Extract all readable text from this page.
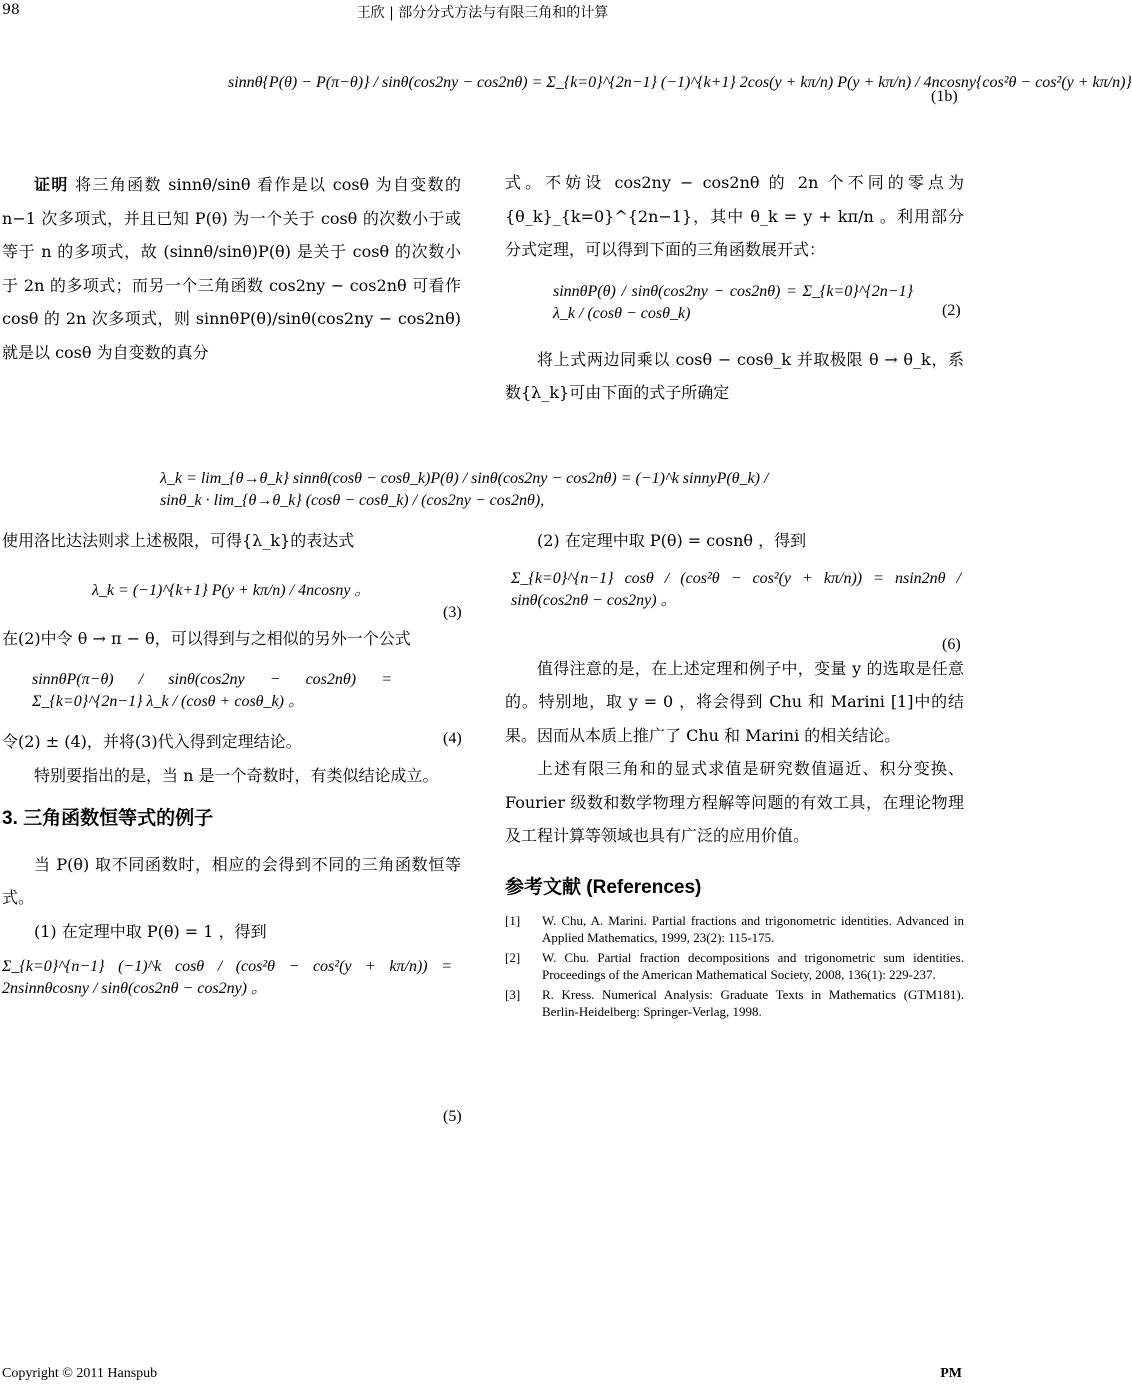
98	王欣 | 部分分式方法与有限三角和的计算
sinnθ{P(θ) − P(π−θ)} / sinθ(cos2ny − cos2nθ) = Σ_{k=0}^{2n−1} (−1)^{k+1} 2cos(y + kπ/n) P(y + kπ/n) / 4ncosny{cos²θ − cos²(y + kπ/n)}
(1b)

证明 将三角函数 sinnθ/sinθ 看作是以 cosθ 为自变数的 n−1 次多项式，并且已知 P(θ) 为一个关于 cosθ 的次数小于或等于 n 的多项式，故 (sinnθ/sinθ)P(θ) 是关于 cosθ 的次数小于 2n 的多项式；而另一个三角函数 cos2ny − cos2nθ 可看作 cosθ 的 2n 次多项式，则 sinnθP(θ)/sinθ(cos2ny − cos2nθ) 就是以 cosθ 为自变数的真分

式。不妨设 cos2ny − cos2nθ 的 2n 个不同的零点为 {θ_k}_{k=0}^{2n−1}，其中 θ_k = y + kπ/n 。利用部分分式定理，可以得到下面的三角函数展开式：

sinnθP(θ) / sinθ(cos2ny − cos2nθ) = Σ_{k=0}^{2n−1} λ_k / (cosθ − cosθ_k)

将上式两边同乘以 cosθ − cosθ_k 并取极限 θ → θ_k，系数{λ_k}可由下面的式子所确定

(2)
λ_k = lim_{θ→θ_k} sinnθ(cosθ − cosθ_k)P(θ) / sinθ(cos2ny − cos2nθ) = (−1)^k sinnyP(θ_k) / sinθ_k · lim_{θ→θ_k} (cosθ − cosθ_k) / (cos2ny − cos2nθ),

使用洛比达法则求上述极限，可得{λ_k}的表达式

λ_k = (−1)^{k+1} P(y + kπ/n) / 4ncosny 。

在(2)中令 θ → π − θ，可以得到与之相似的另外一个公式

sinnθP(π−θ) / sinθ(cos2ny − cos2nθ) = Σ_{k=0}^{2n−1} λ_k / (cosθ + cosθ_k) 。

令(2) ± (4)，并将(3)代入得到定理结论。

特别要指出的是，当 n 是一个奇数时，有类似结论成立。

3. 三角函数恒等式的例子

当 P(θ) 取不同函数时，相应的会得到不同的三角函数恒等式。

(1) 在定理中取 P(θ) = 1 ，得到

Σ_{k=0}^{n−1} (−1)^k cosθ / (cos²θ − cos²(y + kπ/n)) = 2nsinnθcosny / sinθ(cos2nθ − cos2ny) 。
(3)
(4)
(5)

(2) 在定理中取 P(θ) = cosnθ ，得到

Σ_{k=0}^{n−1} cosθ / (cos²θ − cos²(y + kπ/n)) = nsin2nθ / sinθ(cos2nθ − cos2ny) 。

值得注意的是，在上述定理和例子中，变量 y 的选取是任意的。特别地，取 y = 0 ，将会得到 Chu 和 Marini [1]中的结果。因而从本质上推广了 Chu 和 Marini 的相关结论。

上述有限三角和的显式求值是研究数值逼近、积分变换、Fourier 级数和数学物理方程解等问题的有效工具，在理论物理及工程计算等领域也具有广泛的应用价值。

参考文献 (References)
[1] W. Chu, A. Marini. Partial fractions and trigonometric identities. Advanced in Applied Mathematics, 1999, 23(2): 115-175.
[2] W. Chu. Partial fraction decompositions and trigonometric sum identities. Proceedings of the American Mathematical Society, 2008, 136(1): 229-237.
[3] R. Kress. Numerical Analysis: Graduate Texts in Mathematics (GTM181). Berlin-Heidelberg: Springer-Verlag, 1998.
(6)
Copyright © 2011 Hanspub	PM
